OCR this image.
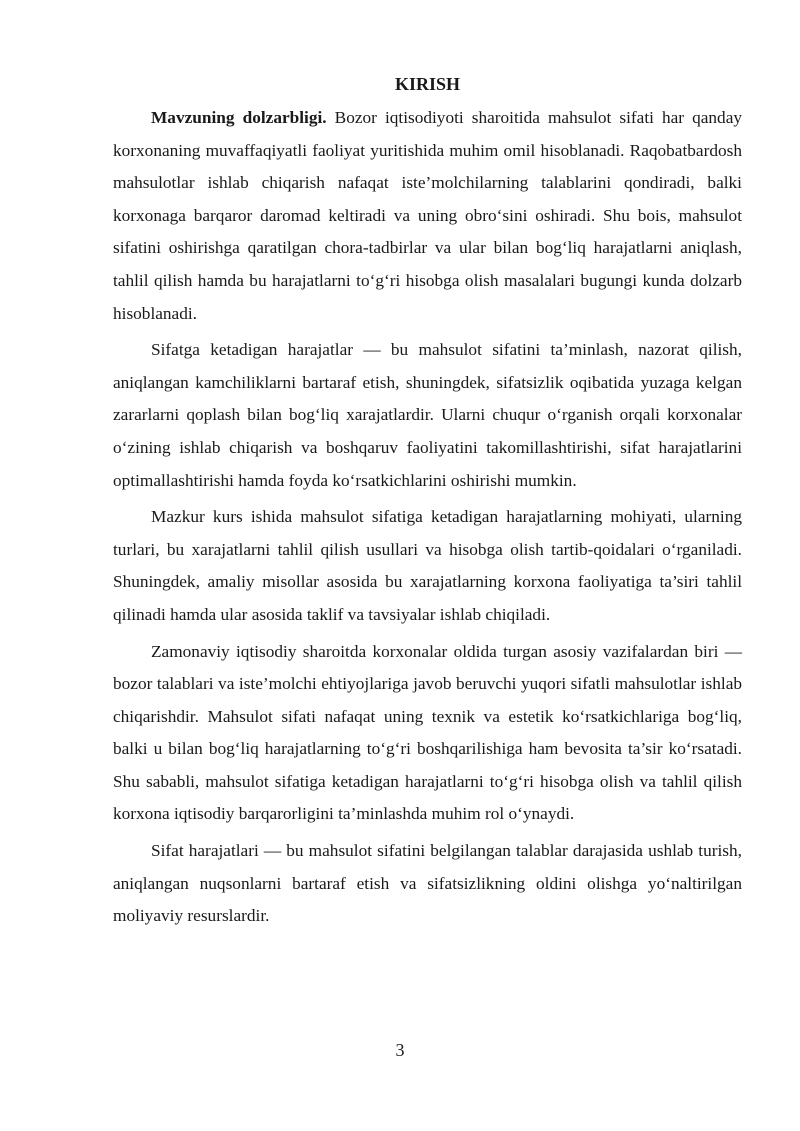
KIRISH

Mavzuning dolzarbligi. Bozor iqtisodiyoti sharoitida mahsulot sifati har qanday korxonaning muvaffaqiyatli faoliyat yuritishida muhim omil hisoblanadi. Raqobatbardosh mahsulotlar ishlab chiqarish nafaqat iste’molchilarning talablarini qondiradi, balki korxonaga barqaror daromad keltiradi va uning obro‘sini oshiradi. Shu bois, mahsulot sifatini oshirishga qaratilgan chora-tadbirlar va ular bilan bog‘liq harajatlarni aniqlash, tahlil qilish hamda bu harajatlarni to‘g‘ri hisobga olish masalalari bugungi kunda dolzarb hisoblanadi.

Sifatga ketadigan harajatlar — bu mahsulot sifatini ta’minlash, nazorat qilish, aniqlangan kamchiliklarni bartaraf etish, shuningdek, sifatsizlik oqibatida yuzaga kelgan zararlarni qoplash bilan bog‘liq xarajatlardir. Ularni chuqur o‘rganish orqali korxonalar o‘zining ishlab chiqarish va boshqaruv faoliyatini takomillashtirishi, sifat harajatlarini optimallashtirishi hamda foyda ko‘rsatkichlarini oshirishi mumkin.

Mazkur kurs ishida mahsulot sifatiga ketadigan harajatlarning mohiyati, ularning turlari, bu xarajatlarni tahlil qilish usullari va hisobga olish tartib-qoidalari o‘rganiladi. Shuningdek, amaliy misollar asosida bu xarajatlarning korxona faoliyatiga ta’siri tahlil qilinadi hamda ular asosida taklif va tavsiyalar ishlab chiqiladi.

Zamonaviy iqtisodiy sharoitda korxonalar oldida turgan asosiy vazifalardan biri — bozor talablari va iste’molchi ehtiyojlariga javob beruvchi yuqori sifatli mahsulotlar ishlab chiqarishdir. Mahsulot sifati nafaqat uning texnik va estetik ko‘rsatkichlariga bog‘liq, balki u bilan bog‘liq harajatlarning to‘g‘ri boshqarilishiga ham bevosita ta’sir ko‘rsatadi. Shu sababli, mahsulot sifatiga ketadigan harajatlarni to‘g‘ri hisobga olish va tahlil qilish korxona iqtisodiy barqarorligini ta’minlashda muhim rol o‘ynaydi.

Sifat harajatlari — bu mahsulot sifatini belgilangan talablar darajasida ushlab turish, aniqlangan nuqsonlarni bartaraf etish va sifatsizlikning oldini olishga yo‘naltirilgan moliyaviy resurslardir.

3
